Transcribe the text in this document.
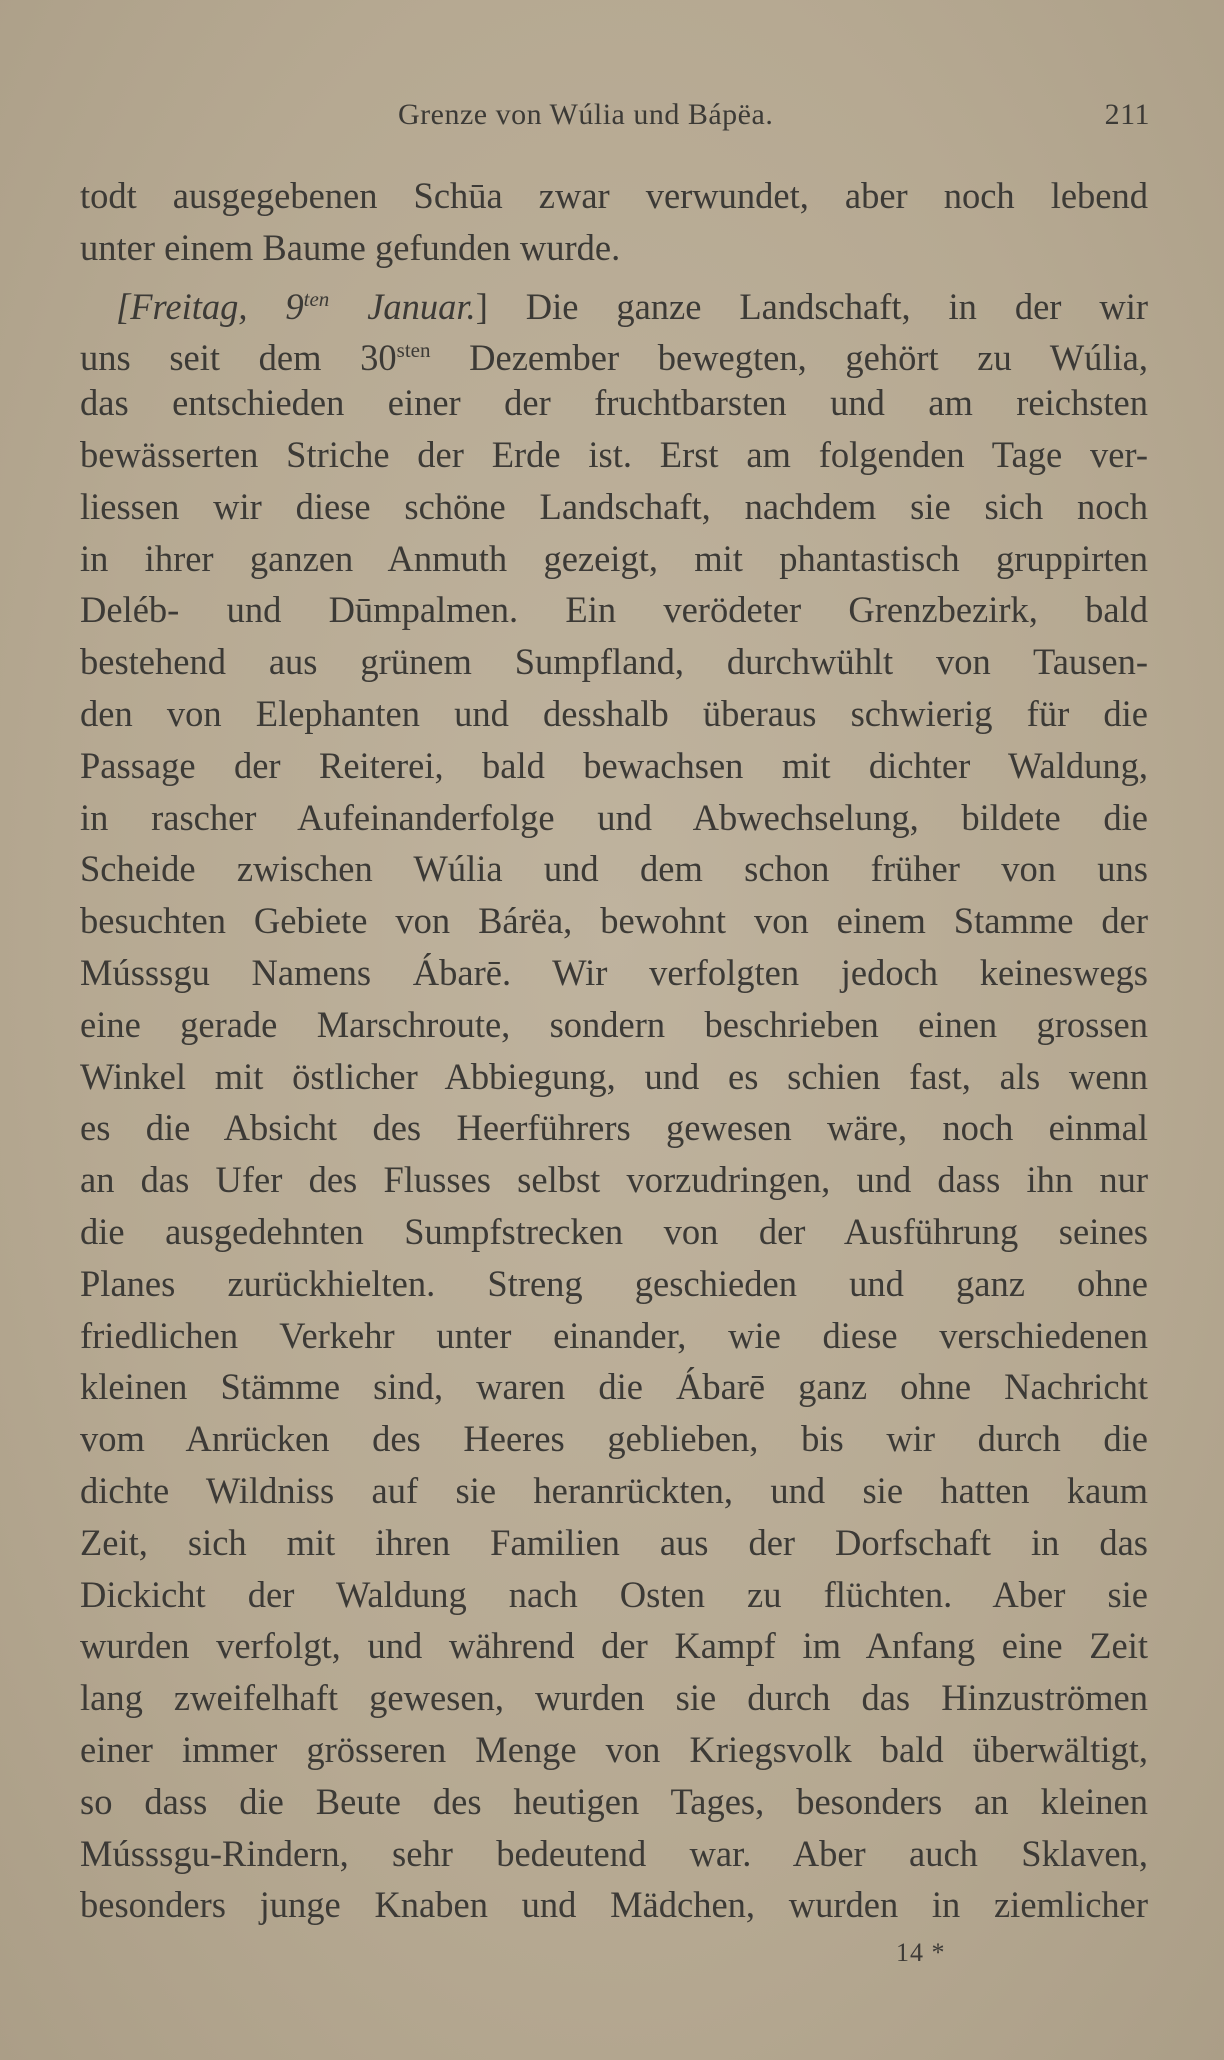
Grenze von Wúlia und Báрëa.	211
todt ausgegebenen Schūa zwar verwundet, aber noch lebend
unter einem Baume gefunden wurde.
[Freitag, $9^{ten}$ Januar.] Die ganze Landschaft, in der wir
uns seit dem $30^{sten}$ Dezember bewegten, gehört zu Wúlia,
das entschieden einer der fruchtbarsten und am reichsten
bewässerten Striche der Erde ist. Erst am folgenden Tage ver-
liessen wir diese schöne Landschaft, nachdem sie sich noch
in ihrer ganzen Anmuth gezeigt, mit phantastisch gruppirten
Deléb- und Dūmpalmen. Ein verödeter Grenzbezirk, bald
bestehend aus grünem Sumpfland, durchwühlt von Tausen-
den von Elephanten und desshalb überaus schwierig für die
Passage der Reiterei, bald bewachsen mit dichter Waldung,
in rascher Aufeinanderfolge und Abwechselung, bildete die
Scheide zwischen Wúlia und dem schon früher von uns
besuchten Gebiete von Bárëa, bewohnt von einem Stamme der
Músssgu Namens Ábarē. Wir verfolgten jedoch keineswegs
eine gerade Marschroute, sondern beschrieben einen grossen
Winkel mit östlicher Abbiegung, und es schien fast, als wenn
es die Absicht des Heerführers gewesen wäre, noch einmal
an das Ufer des Flusses selbst vorzudringen, und dass ihn nur
die ausgedehnten Sumpfstrecken von der Ausführung seines
Planes zurückhielten. Streng geschieden und ganz ohne
friedlichen Verkehr unter einander, wie diese verschiedenen
kleinen Stämme sind, waren die Ábarē ganz ohne Nachricht
vom Anrücken des Heeres geblieben, bis wir durch die
dichte Wildniss auf sie heranrückten, und sie hatten kaum
Zeit, sich mit ihren Familien aus der Dorfschaft in das
Dickicht der Waldung nach Osten zu flüchten. Aber sie
wurden verfolgt, und während der Kampf im Anfang eine Zeit
lang zweifelhaft gewesen, wurden sie durch das Hinzuströmen
einer immer grösseren Menge von Kriegsvolk bald überwältigt,
so dass die Beute des heutigen Tages, besonders an kleinen
Músssgu-Rindern, sehr bedeutend war. Aber auch Sklaven,
besonders junge Knaben und Mädchen, wurden in ziemlicher
14 *
